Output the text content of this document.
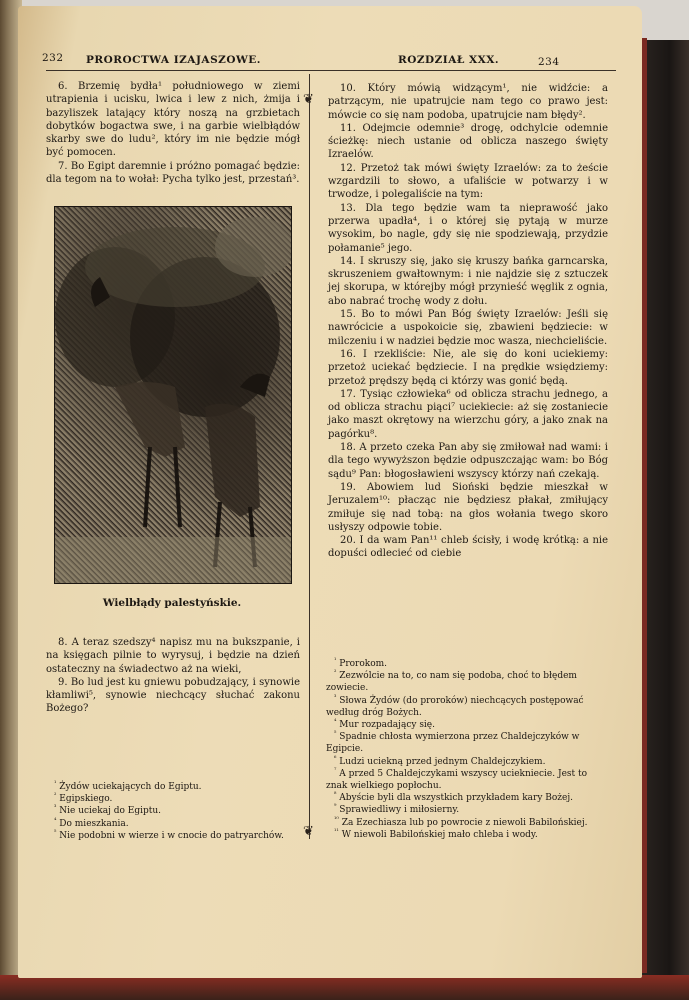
232 PROROCTWA IZAJASZOWE.	ROZDZIAŁ XXX.	234
❦
❦

6. Brzemię bydła¹ południowego w ziemi utrapienia i ucisku, lwica i lew z nich, żmija i bazyliszek latający który noszą na grzbietach dobytków bogactwa swe, i na garbie wielbłądów skarby swe do ludu², który im nie będzie mógł być pomocen.

7. Bo Egipt daremnie i próżno pomagać będzie: dla tegom na to wołał: Pycha tylko jest, przestań³.

Wielbłądy palestyńskie.

8. A teraz szedszy⁴ napisz mu na bukszpanie, i na księgach pilnie to wyrysuj, i będzie na dzień ostateczny na świadectwo aż na wieki,

9. Bo lud jest ku gniewu pobudzający, i synowie kłamliwi⁵, synowie niechcący słuchać zakonu Bożego?

10. Który mówią widzącym¹, nie widźcie: a patrzącym, nie upatrujcie nam tego co prawo jest: mówcie co się nam podoba, upatrujcie nam błędy².

11. Odejmcie odemnie³ drogę, odchylcie odemnie ścieżkę: niech ustanie od oblicza naszego święty Izraelów.

12. Przetoż tak mówi święty Izraelów: za to żeście wzgardzili to słowo, a ufaliście w potwarzy i w trwodze, i polegaliście na tym:

13. Dla tego będzie wam ta nieprawość jako przerwa upadła⁴, i o której się pytają w murze wysokim, bo nagle, gdy się nie spodziewają, przydzie połamanie⁵ jego.

14. I skruszy się, jako się kruszy bańka garncarska, skruszeniem gwałtownym: i nie najdzie się z sztuczek jej skorupa, w którejby mógł przynieść węglik z ognia, abo nabrać trochę wody z dołu.

15. Bo to mówi Pan Bóg święty Izraelów: Jeśli się nawrócicie a uspokoicie się, zbawieni będziecie: w milczeniu i w nadziei będzie moc wasza, niechcieliście.

16. I rzekliście: Nie, ale się do koni uciekiemy: przetoż uciekać będziecie. I na prędkie wsiędziemy: przetoż prędszy będą ci którzy was gonić będą.

17. Tysiąc człowieka⁶ od oblicza strachu jednego, a od oblicza strachu piąci⁷ uciekiecie: aż się zostaniecie jako maszt okrętowy na wierzchu góry, a jako znak na pagórku⁸.

18. A przeto czeka Pan aby się zmiłował nad wami: i dla tego wywyższon będzie odpuszczając wam: bo Bóg sądu⁹ Pan: błogosławieni wszyscy którzy nań czekają.

19. Abowiem lud Sioński będzie mieszkał w Jeruzalem¹⁰: płacząc nie będziesz płakał, zmiłujący zmiłuje się nad tobą: na głos wołania twego skoro usłyszy odpowie tobie.

20. I da wam Pan¹¹ chleb ścisły, i wodę krótką: a nie dopuści odlecieć od ciebie

$^{^1}$ Żydów uciekających do Egiptu.

$^{^2}$ Egipskiego.

$^{^3}$ Nie uciekaj do Egiptu.

$^{^4}$ Do mieszkania.

$^{^5}$ Nie podobni w wierze i w cnocie do patryarchów.

$^{^1}$ Prorokom.

$^{^2}$ Zezwólcie na to, co nam się podoba, choć to błędem zowiecie.

$^{^3}$ Słowa Żydów (do proroków) niechcących postępować według dróg Bożych.

$^{^4}$ Mur rozpadający się.

$^{^5}$ Spadnie chłosta wymierzona przez Chaldejczyków w Egipcie.

$^{^6}$ Ludzi uciekną przed jednym Chaldejczykiem.

$^{^7}$ A przed 5 Chaldejczykami wszyscy uciekniecie. Jest to znak wielkiego popłochu.

$^{^8}$ Abyście byli dla wszystkich przykładem kary Bożej.

$^{^9}$ Sprawiedliwy i miłosierny.

$^{^{10}}$ Za Ezechiasza lub po powrocie z niewoli Babilońskiej.

$^{^{11}}$ W niewoli Babilońskiej mało chleba i wody.
